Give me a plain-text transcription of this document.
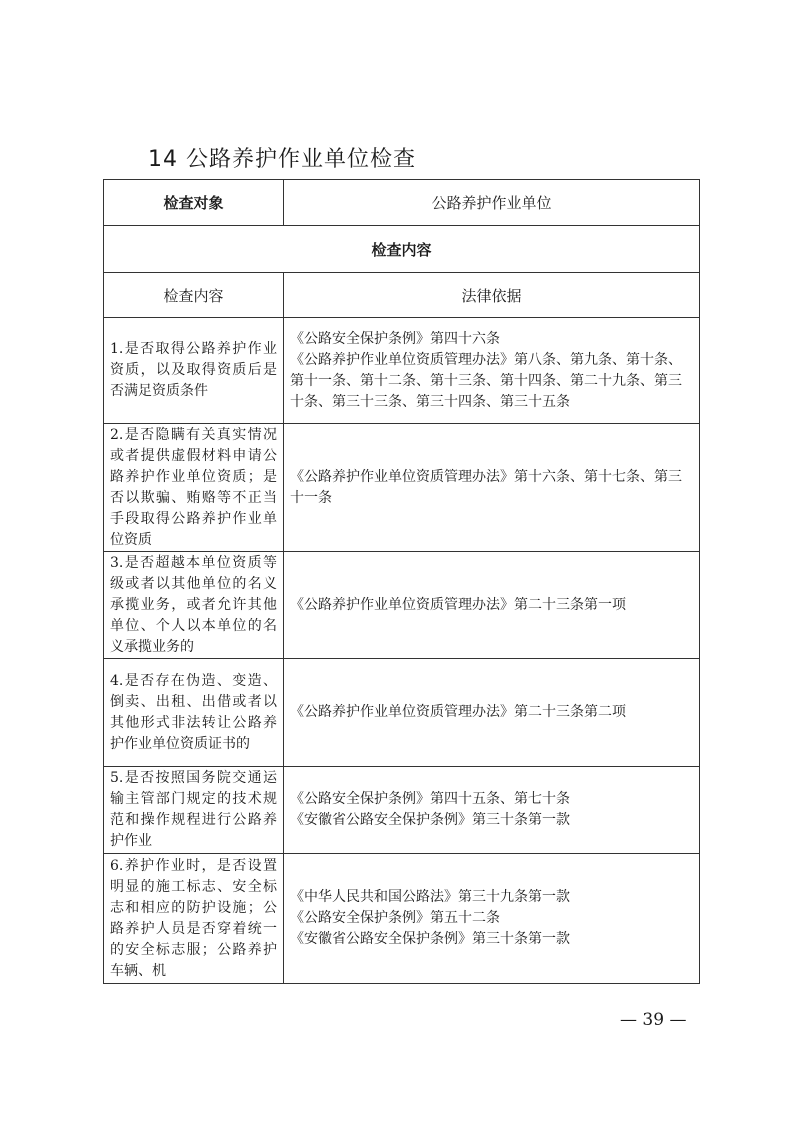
14 公路养护作业单位检查
检查对象	公路养护作业单位
检查内容	
检查内容	法律依据
1.是否取得公路养护作业资质，以及取得资质后是否满足资质条件	《公路安全保护条例》第四十六条
《公路养护作业单位资质管理办法》第八条、第九条、第十条、第十一条、第十二条、第十三条、第十四条、第二十九条、第三十条、第三十三条、第三十四条、第三十五条

2.是否隐瞒有关真实情况或者提供虚假材料申请公路养护作业单位资质；是否以欺骗、贿赂等不正当手段取得公路养护作业单位资质	《公路养护作业单位资质管理办法》第十六条、第十七条、第三十一条

3.是否超越本单位资质等级或者以其他单位的名义承揽业务，或者允许其他单位、个人以本单位的名义承揽业务的	《公路养护作业单位资质管理办法》第二十三条第一项

4.是否存在伪造、变造、倒卖、出租、出借或者以其他形式非法转让公路养护作业单位资质证书的	《公路养护作业单位资质管理办法》第二十三条第二项

5.是否按照国务院交通运输主管部门规定的技术规范和操作规程进行公路养护作业	《公路安全保护条例》第四十五条、第七十条
《安徽省公路安全保护条例》第三十条第一款

6.养护作业时，是否设置明显的施工标志、安全标志和相应的防护设施；公路养护人员是否穿着统一的安全标志服；公路养护车辆、机	《中华人民共和国公路法》第三十九条第一款
《公路安全保护条例》第五十二条
《安徽省公路安全保护条例》第三十条第一款
— 39 —
